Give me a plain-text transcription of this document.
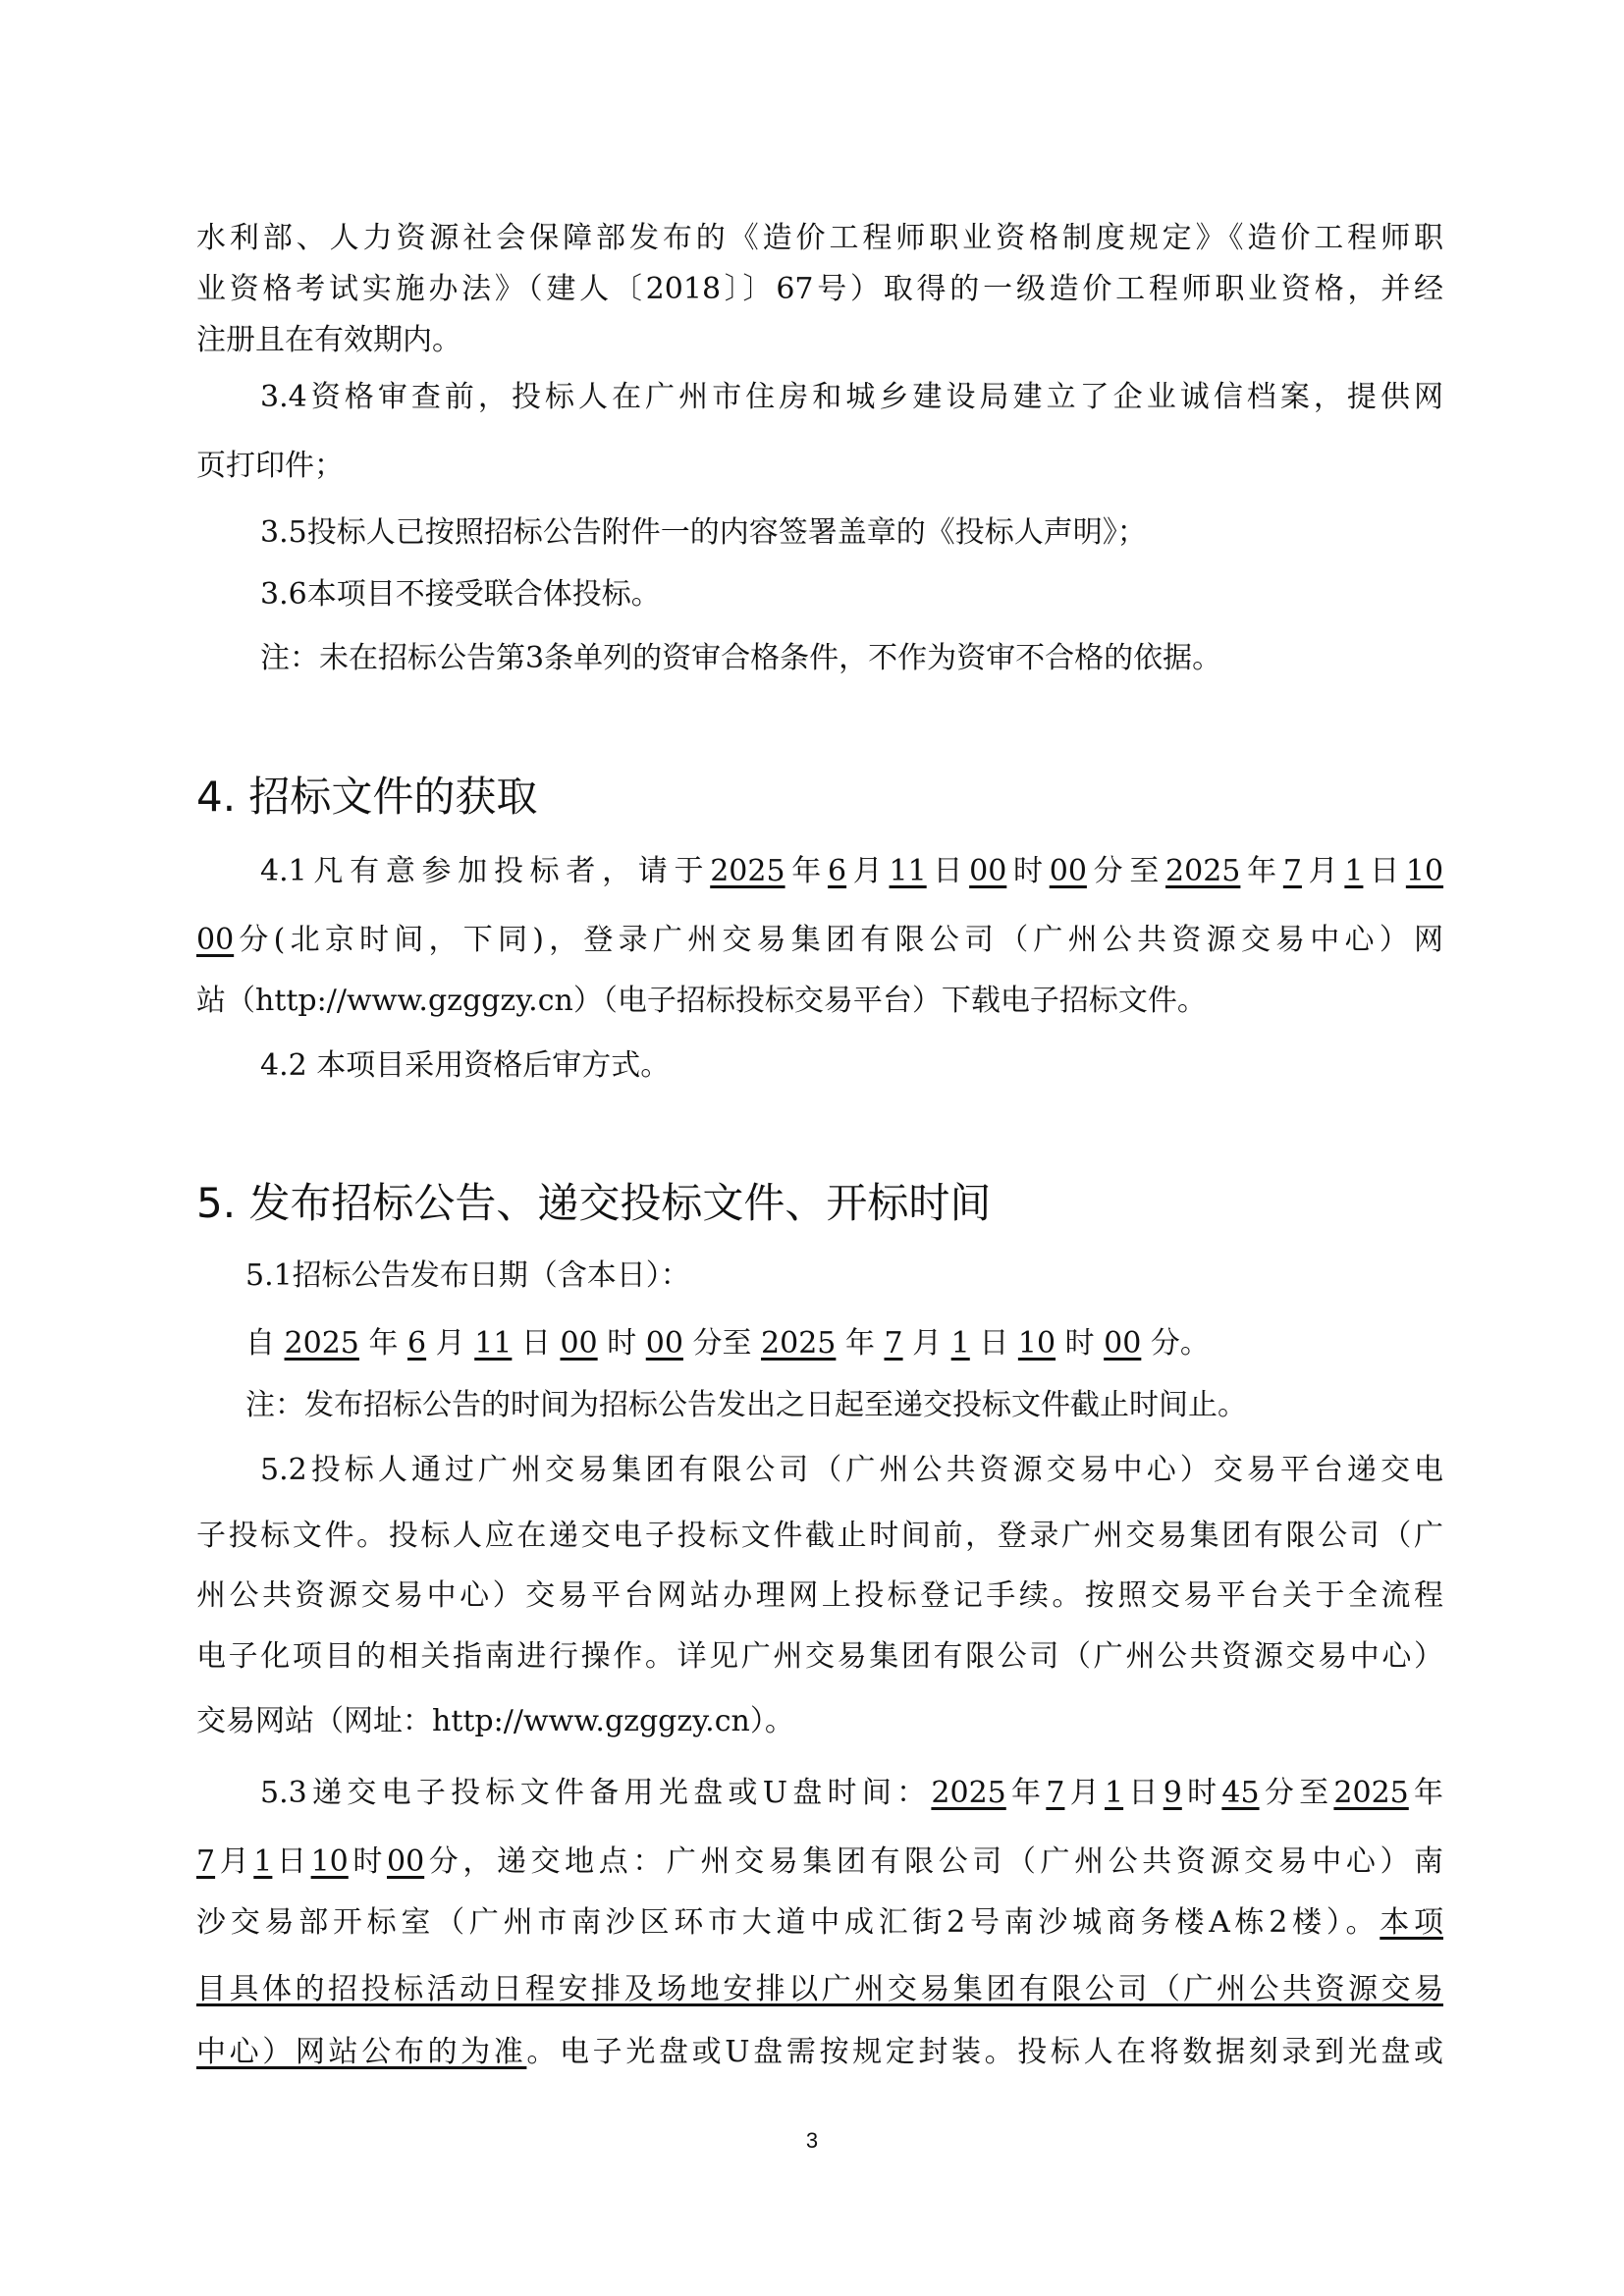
水利部、人力资源社会保障部发布的《造价工程师职业资格制度规定》《造价工程师职
业资格考试实施办法》（建人〔2018〕〕67号）取得的一级造价工程师职业资格，并经
注册且在有效期内。
3.4资格审查前，投标人在广州市住房和城乡建设局建立了企业诚信档案，提供网
页打印件；
3.5投标人已按照招标公告附件一的内容签署盖章的《投标人声明》；
3.6本项目不接受联合体投标。
注：未在招标公告第3条单列的资审合格条件，不作为资审不合格的依据。
4. 招标文件的获取
4.1凡有意参加投标者，请于2025年6月11日00时00分至2025年7月1日10
00分(北京时间，下同)，登录广州交易集团有限公司（广州公共资源交易中心）网
站（http://www.gzggzy.cn）（电子招标投标交易平台）下载电子招标文件。
4.2 本项目采用资格后审方式。
5. 发布招标公告、递交投标文件、开标时间
5.1招标公告发布日期（含本日）：
自 2025 年 6 月 11 日 00 时 00 分至 2025 年 7 月 1 日 10 时 00 分。
注：发布招标公告的时间为招标公告发出之日起至递交投标文件截止时间止。
5.2投标人通过广州交易集团有限公司（广州公共资源交易中心）交易平台递交电
子投标文件。投标人应在递交电子投标文件截止时间前，登录广州交易集团有限公司（广
州公共资源交易中心）交易平台网站办理网上投标登记手续。按照交易平台关于全流程
电子化项目的相关指南进行操作。详见广州交易集团有限公司（广州公共资源交易中心）
交易网站（网址：http://www.gzggzy.cn）。
5.3递交电子投标文件备用光盘或U盘时间：2025年7月1日9时45分至2025年
7月1日10时00分，递交地点：广州交易集团有限公司（广州公共资源交易中心）南
沙交易部开标室（广州市南沙区环市大道中成汇街2号南沙城商务楼A栋2楼）。本项
目具体的招投标活动日程安排及场地安排以广州交易集团有限公司（广州公共资源交易
中心）网站公布的为准。电子光盘或U盘需按规定封装。投标人在将数据刻录到光盘或
3
